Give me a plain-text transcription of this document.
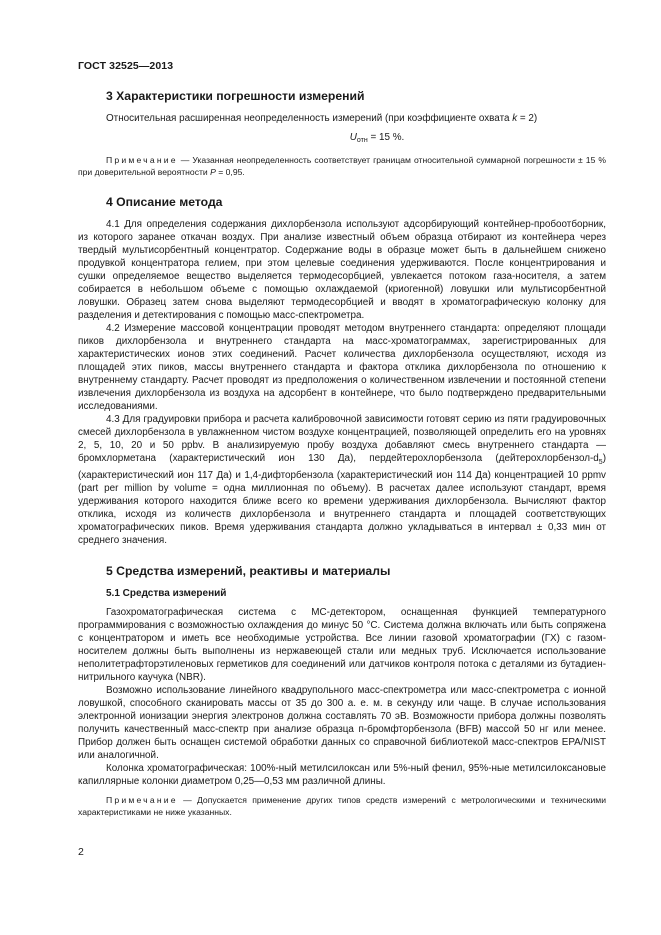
ГОСТ 32525—2013
3 Характеристики погрешности измерений

Относительная расширенная неопределенность измерений (при коэффициенте охвата k = 2)

$U_{отн} = 15$ %.
Примечание — Указанная неопределенность соответствует границам относительной суммарной погрешности ± 15 % при доверительной вероятности P = 0,95.
4 Описание метода

4.1 Для определения содержания дихлорбензола используют адсорбирующий контейнер-пробоотборник, из которого заранее откачан воздух. При анализе известный объем образца отбирают из контейнера через твердый мультисорбентный концентратор. Содержание воды в образце может быть в дальнейшем снижено продувкой концентратора гелием, при этом целевые соединения удерживаются. После концентрирования и сушки определяемое вещество выделяется термодесорбцией, увлекается потоком газа-носителя, а затем собирается в небольшом объеме с помощью охлаждаемой (криогенной) ловушки или мультисорбентной ловушки. Образец затем снова выделяют термодесорбцией и вводят в хроматографическую колонку для разделения и детектирования с помощью масс-спектрометра.

4.2 Измерение массовой концентрации проводят методом внутреннего стандарта: определяют площади пиков дихлорбензола и внутреннего стандарта на масс-хроматограммах, зарегистрированных для характеристических ионов этих соединений. Расчет количества дихлорбензола осуществляют, исходя из площадей этих пиков, массы внутреннего стандарта и фактора отклика дихлорбензола по отношению к внутреннему стандарту. Расчет проводят из предположения о количественном извлечении и постоянной степени извлечения дихлорбензола из воздуха на адсорбент в контейнере, что было подтверждено предварительными исследованиями.

4.3 Для градуировки прибора и расчета калибровочной зависимости готовят серию из пяти градуировочных смесей дихлорбензола в увлажненном чистом воздухе концентрацией, позволяющей определить его на уровнях 2, 5, 10, 20 и 50 ppbv. В анализируемую пробу воздуха добавляют смесь внутреннего стандарта — бромхлорметана (характеристический ион 130 Да), пердейтерохлорбензола $(дейтерохлорбензол-d_5)$ (характеристический ион 117 Да) и 1,4-дифторбензола (характеристический ион 114 Да) концентрацией 10 ppmv (part per million by volume = одна миллионная по объему). В расчетах далее используют стандарт, время удерживания которого находится ближе всего ко времени удерживания дихлорбензола. Вычисляют фактор отклика, исходя из количеств дихлорбензола и внутреннего стандарта и площадей соответствующих хроматографических пиков. Время удерживания стандарта должно укладываться в интервал ± 0,33 мин от среднего значения.

5 Средства измерений, реактивы и материалы
5.1 Средства измерений

Газохроматографическая система с МС-детектором, оснащенная функцией температурного программирования с возможностью охлаждения до минус 50 °С. Система должна включать или быть сопряжена с концентратором и иметь все необходимые устройства. Все линии газовой хроматографии (ГХ) с газом-носителем должны быть выполнены из нержавеющей стали или медных труб. Исключается использование неполитетрафторэтиленовых герметиков для соединений или датчиков контроля потока с деталями из бутадиен-нитрильного каучука (NBR).

Возможно использование линейного квадрупольного масс-спектрометра или масс-спектрометра с ионной ловушкой, способного сканировать массы от 35 до 300 а. е. м. в секунду или чаще. В случае использования электронной ионизации энергия электронов должна составлять 70 эВ. Возможности прибора должны позволять получить качественный масс-спектр при анализе образца п-бромфторбензола (BFB) массой 50 нг или менее. Прибор должен быть оснащен системой обработки данных со справочной библиотекой масс-спектров EPA/NIST или аналогичной.

Колонка хроматографическая: 100%-ный метилсилоксан или 5%-ный фенил, 95%-ные метилсилоксановые капиллярные колонки диаметром 0,25—0,53 мм различной длины.

Примечание — Допускается применение других типов средств измерений с метрологическими и техническими характеристиками не ниже указанных.
2
